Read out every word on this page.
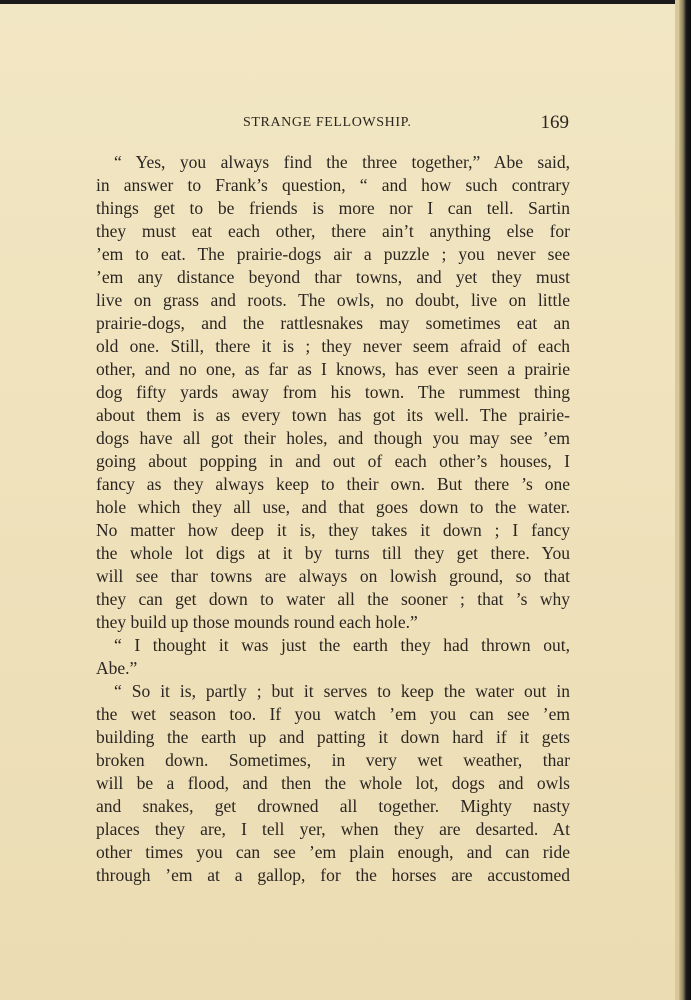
STRANGE FELLOWSHIP.	169
“ Yes, you always find the three together,” Abe said,
in answer to Frank’s question, “ and how such contrary
things get to be friends is more nor I can tell. Sartin
they must eat each other, there ain’t anything else for
’em to eat. The prairie-dogs air a puzzle ; you never see
’em any distance beyond thar towns, and yet they must
live on grass and roots. The owls, no doubt, live on little
prairie-dogs, and the rattlesnakes may sometimes eat an
old one. Still, there it is ; they never seem afraid of each
other, and no one, as far as I knows, has ever seen a prairie
dog fifty yards away from his town. The rummest thing
about them is as every town has got its well. The prairie-
dogs have all got their holes, and though you may see ’em
going about popping in and out of each other’s houses, I
fancy as they always keep to their own. But there ’s one
hole which they all use, and that goes down to the water.
No matter how deep it is, they takes it down ; I fancy
the whole lot digs at it by turns till they get there. You
will see thar towns are always on lowish ground, so that
they can get down to water all the sooner ; that ’s why
they build up those mounds round each hole.”
“ I thought it was just the earth they had thrown out,
Abe.”
“ So it is, partly ; but it serves to keep the water out in
the wet season too. If you watch ’em you can see ’em
building the earth up and patting it down hard if it gets
broken down. Sometimes, in very wet weather, thar
will be a flood, and then the whole lot, dogs and owls
and snakes, get drowned all together. Mighty nasty
places they are, I tell yer, when they are desarted. At
other times you can see ’em plain enough, and can ride
through ’em at a gallop, for the horses are accustomed
